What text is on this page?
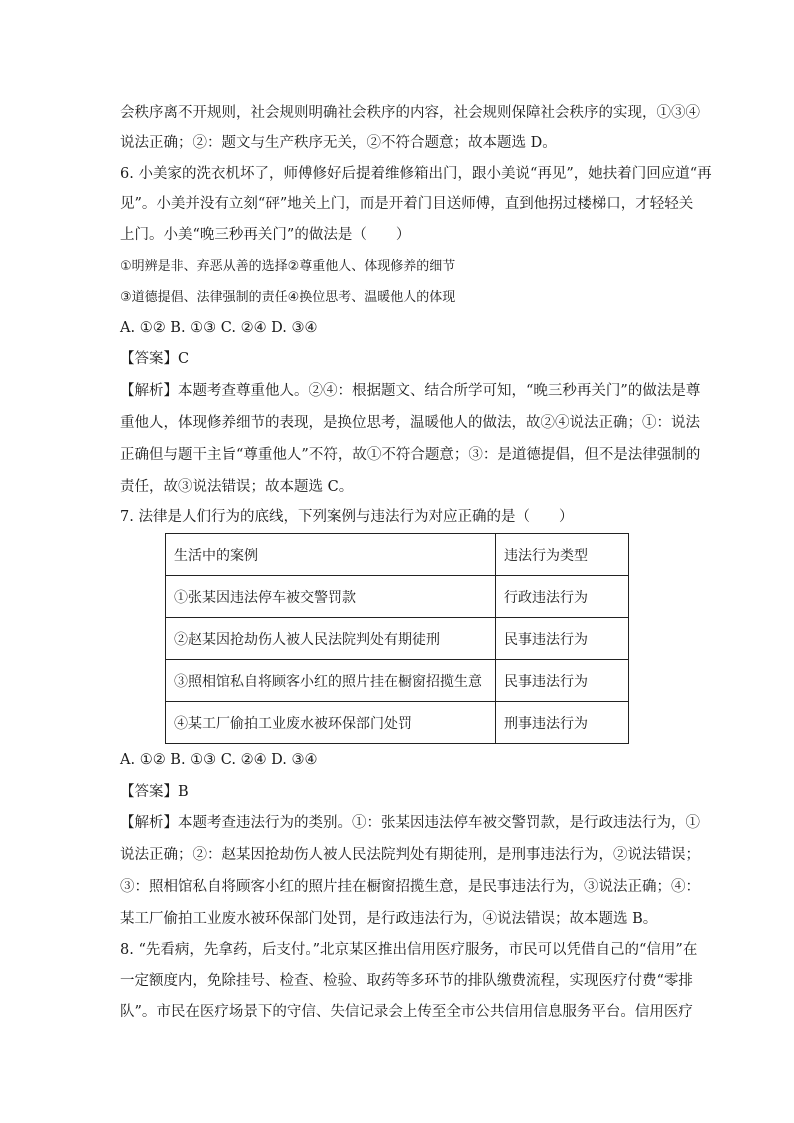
会秩序离不开规则，社会规则明确社会秩序的内容，社会规则保障社会秩序的实现，①③④
说法正确；②：题文与生产秩序无关，②不符合题意；故本题选 D。
6. 小美家的洗衣机坏了，师傅修好后提着维修箱出门，跟小美说“再见”，她扶着门回应道“再
见”。小美并没有立刻“砰”地关上门，而是开着门目送师傅，直到他拐过楼梯口，才轻轻关
上门。小美“晚三秒再关门”的做法是（　　）
①明辨是非、弃恶从善的选择②尊重他人、体现修养的细节
③道德提倡、法律强制的责任④换位思考、温暖他人的体现
A. ①② B. ①③ C. ②④ D. ③④
【答案】C
【解析】本题考查尊重他人。②④：根据题文、结合所学可知，“晚三秒再关门”的做法是尊
重他人，体现修养细节的表现，是换位思考，温暖他人的做法，故②④说法正确；①：说法
正确但与题干主旨“尊重他人”不符，故①不符合题意；③：是道德提倡，但不是法律强制的
责任，故③说法错误；故本题选 C。
7. 法律是人们行为的底线，下列案例与违法行为对应正确的是（　　）
生活中的案例	违法行为类型
①张某因违法停车被交警罚款	行政违法行为
②赵某因抢劫伤人被人民法院判处有期徒刑	民事违法行为
③照相馆私自将顾客小红的照片挂在橱窗招揽生意	民事违法行为
④某工厂偷拍工业废水被环保部门处罚	刑事违法行为
A. ①② B. ①③ C. ②④ D. ③④
【答案】B
【解析】本题考查违法行为的类别。①：张某因违法停车被交警罚款，是行政违法行为，①
说法正确；②：赵某因抢劫伤人被人民法院判处有期徒刑，是刑事违法行为，②说法错误；
③：照相馆私自将顾客小红的照片挂在橱窗招揽生意，是民事违法行为，③说法正确；④：
某工厂偷拍工业废水被环保部门处罚，是行政违法行为，④说法错误；故本题选 B。
8. “先看病，先拿药，后支付。”北京某区推出信用医疗服务，市民可以凭借自己的“信用”在
一定额度内，免除挂号、检查、检验、取药等多环节的排队缴费流程，实现医疗付费“零排
队”。市民在医疗场景下的守信、失信记录会上传至全市公共信用信息服务平台。信用医疗
